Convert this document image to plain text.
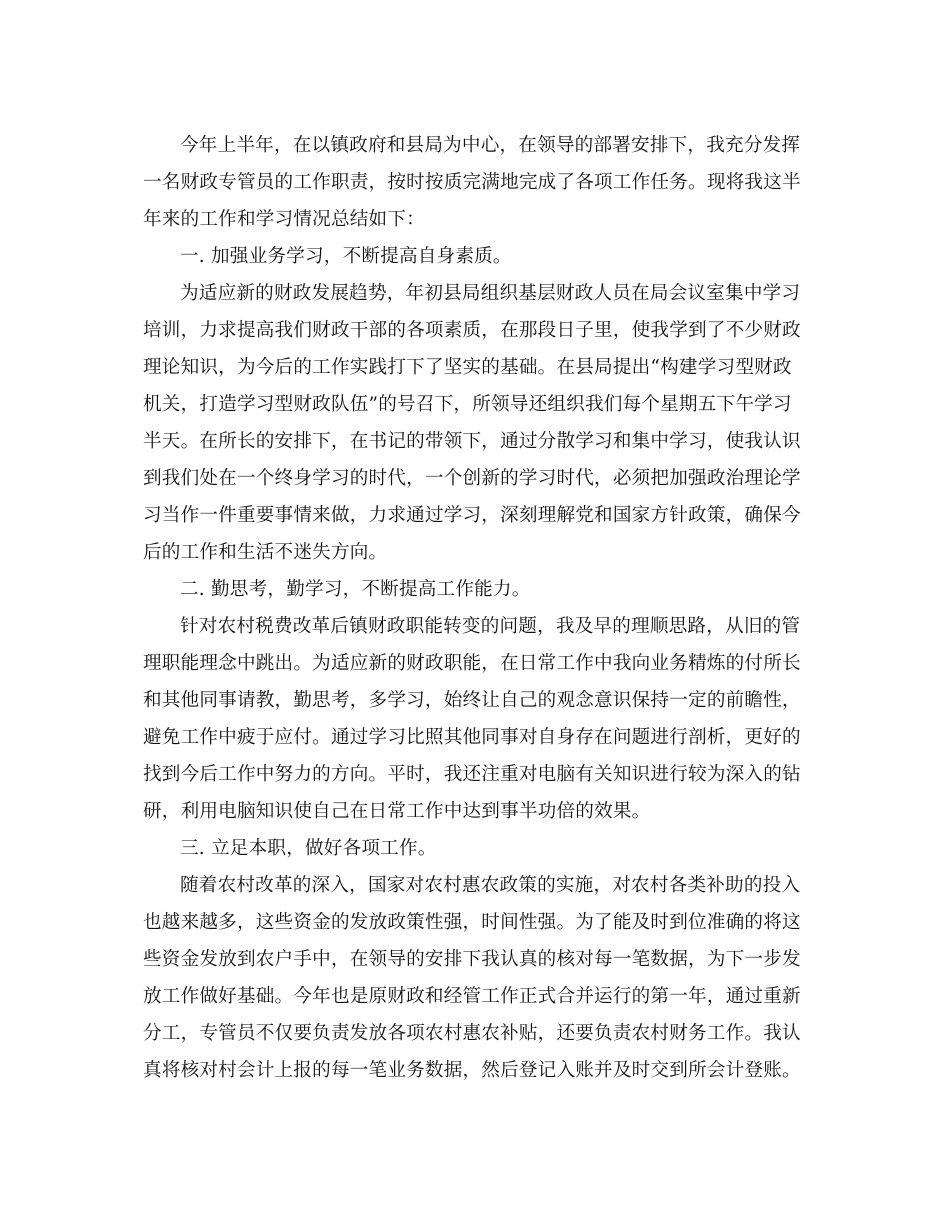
今年上半年，在以镇政府和县局为中心，在领导的部署安排下，我充分发挥
一名财政专管员的工作职责，按时按质完满地完成了各项工作任务。现将我这半
年来的工作和学习情况总结如下：
一. 加强业务学习，不断提高自身素质。
为适应新的财政发展趋势，年初县局组织基层财政人员在局会议室集中学习
培训，力求提高我们财政干部的各项素质，在那段日子里，使我学到了不少财政
理论知识，为今后的工作实践打下了坚实的基础。在县局提出“构建学习型财政
机关，打造学习型财政队伍”的号召下，所领导还组织我们每个星期五下午学习
半天。在所长的安排下，在书记的带领下，通过分散学习和集中学习，使我认识
到我们处在一个终身学习的时代，一个创新的学习时代，必须把加强政治理论学
习当作一件重要事情来做，力求通过学习，深刻理解党和国家方针政策，确保今
后的工作和生活不迷失方向。
二. 勤思考，勤学习，不断提高工作能力。
针对农村税费改革后镇财政职能转变的问题，我及早的理顺思路，从旧的管
理职能理念中跳出。为适应新的财政职能，在日常工作中我向业务精炼的付所长
和其他同事请教，勤思考，多学习，始终让自己的观念意识保持一定的前瞻性，
避免工作中疲于应付。通过学习比照其他同事对自身存在问题进行剖析，更好的
找到今后工作中努力的方向。平时，我还注重对电脑有关知识进行较为深入的钻
研，利用电脑知识使自己在日常工作中达到事半功倍的效果。
三. 立足本职，做好各项工作。
随着农村改革的深入，国家对农村惠农政策的实施，对农村各类补助的投入
也越来越多，这些资金的发放政策性强，时间性强。为了能及时到位准确的将这
些资金发放到农户手中，在领导的安排下我认真的核对每一笔数据，为下一步发
放工作做好基础。今年也是原财政和经管工作正式合并运行的第一年，通过重新
分工，专管员不仅要负责发放各项农村惠农补贴，还要负责农村财务工作。我认
真将核对村会计上报的每一笔业务数据，然后登记入账并及时交到所会计登账。
